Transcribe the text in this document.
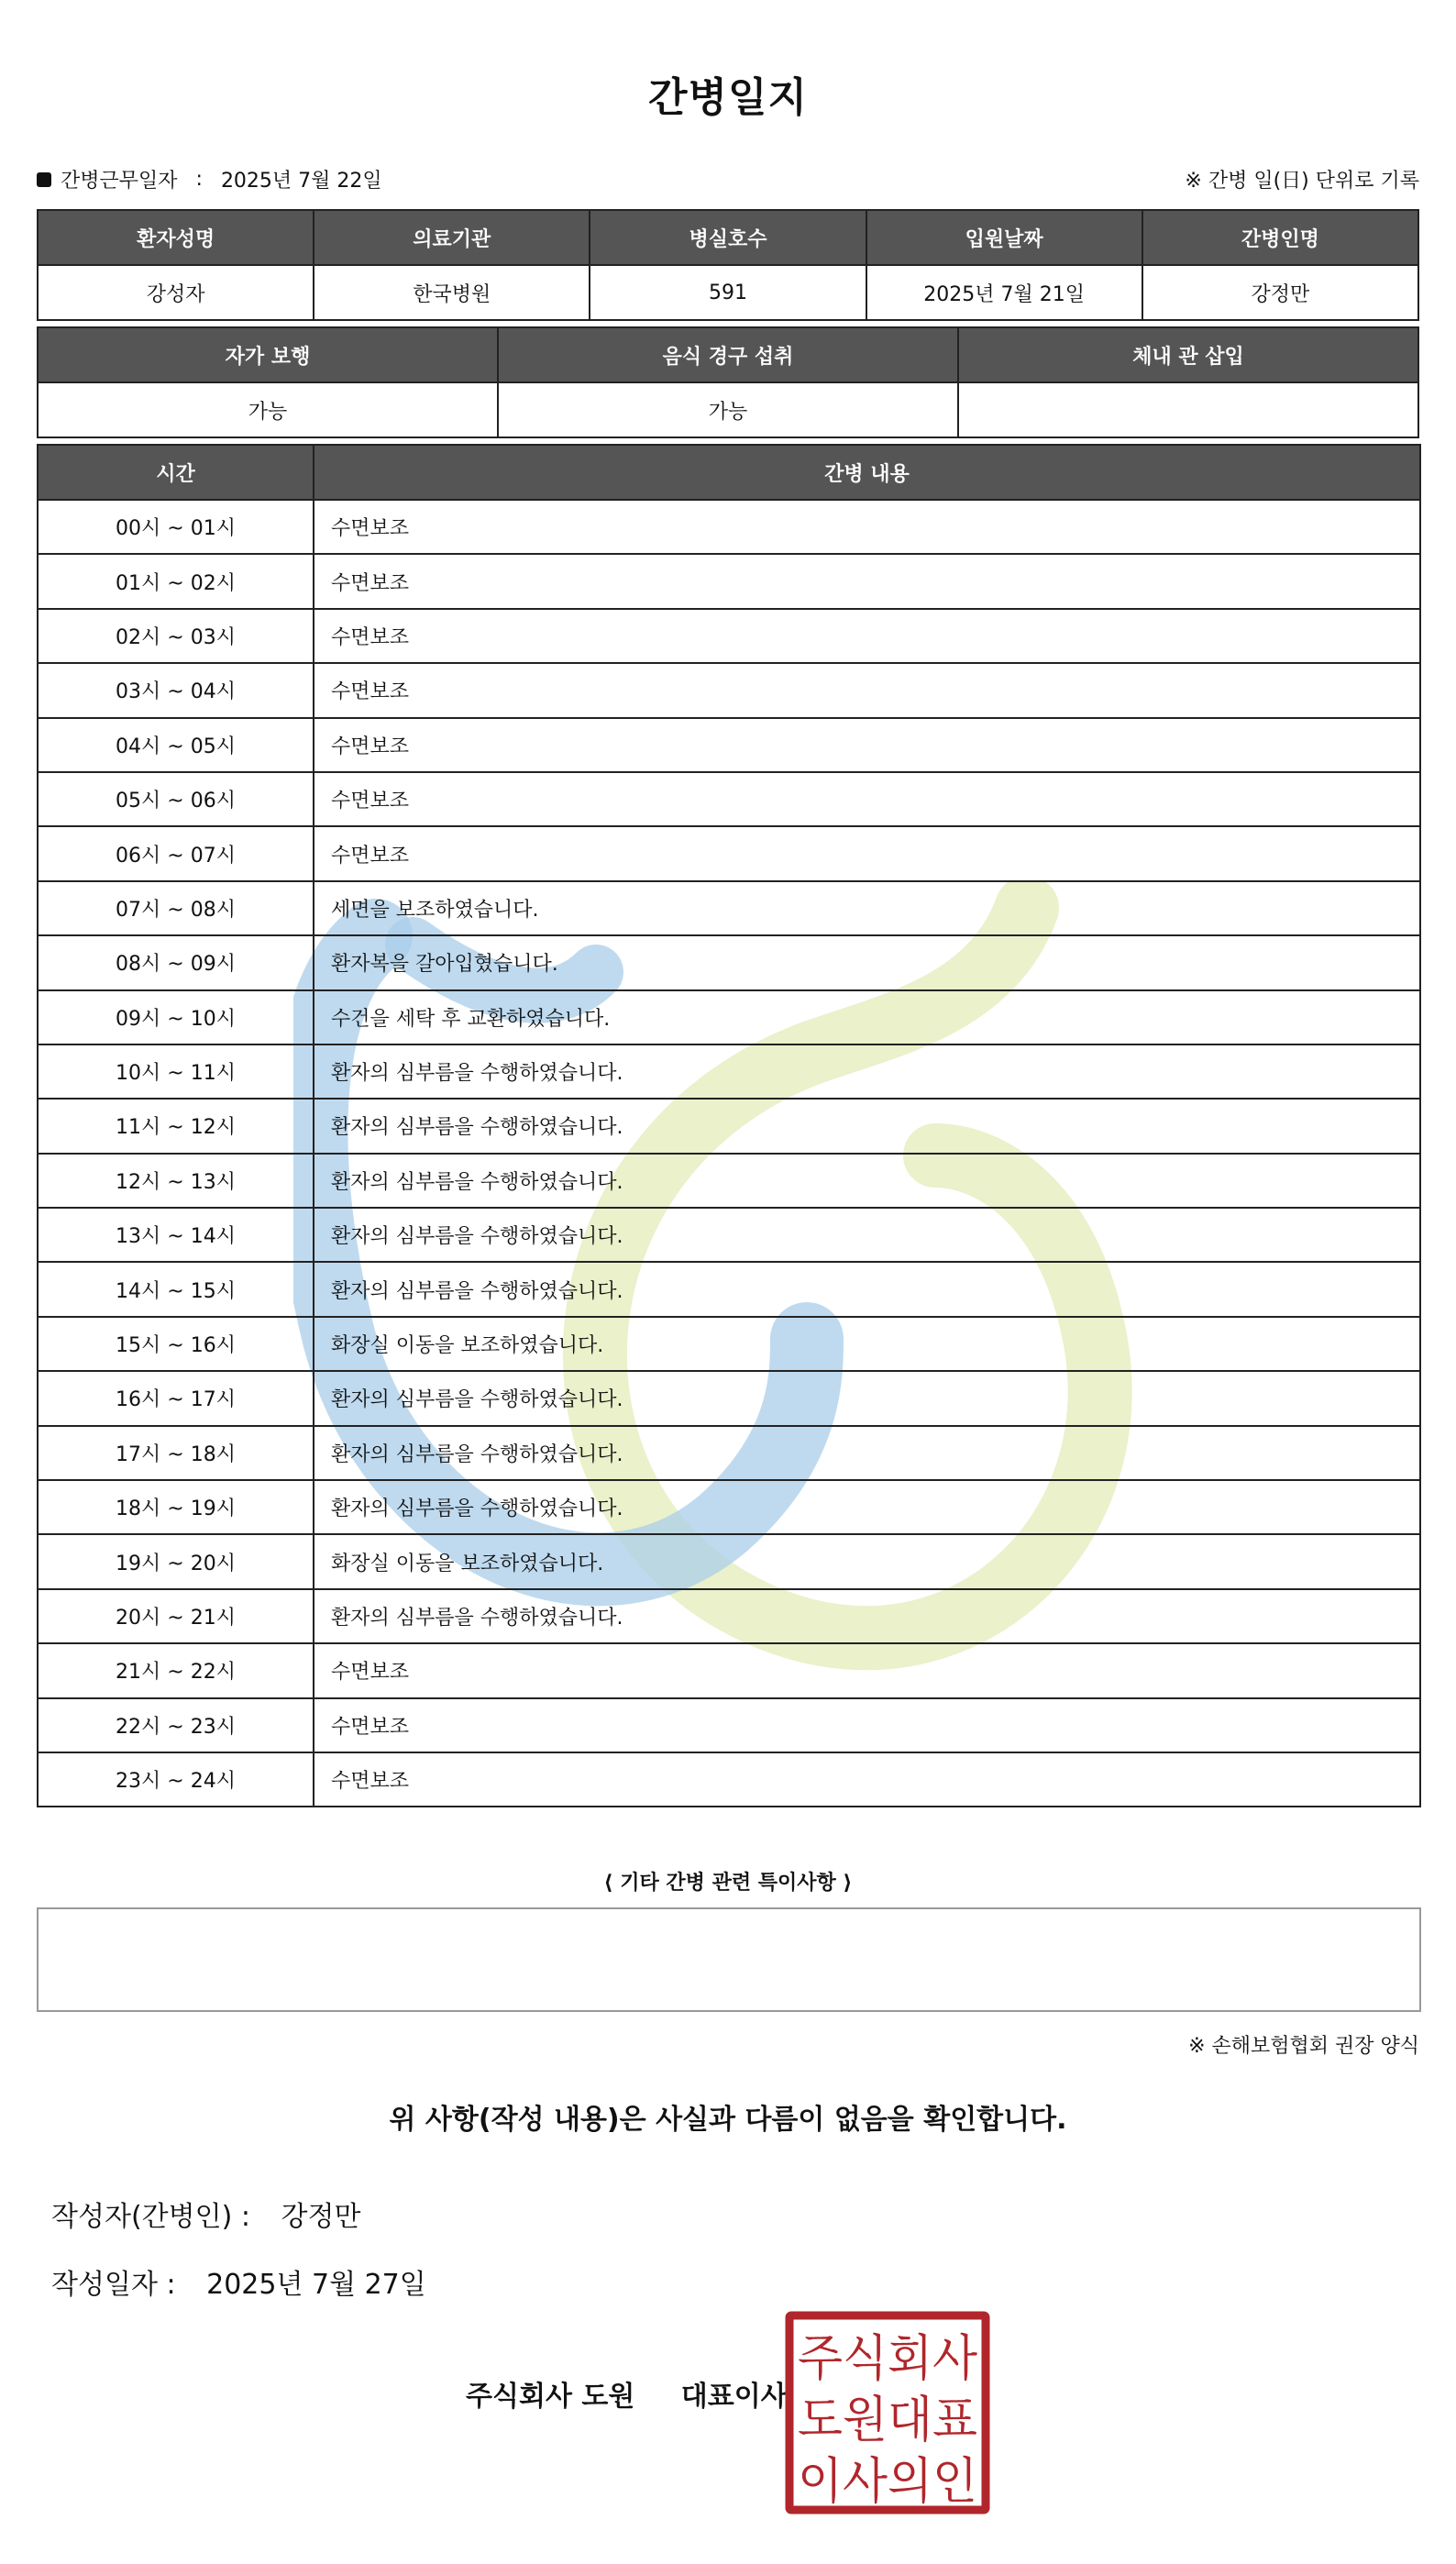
간병일지
간병근무일자 : 2025년 7월 22일	※ 간병 일(日) 단위로 기록
환자성명	의료기관	병실호수	입원날짜	간병인명
강성자	한국병원	591	2025년 7월 21일	강정만
자가 보행	음식 경구 섭취	체내 관 삽입
가능	가능	
시간	간병 내용
00시 ~ 01시	수면보조
01시 ~ 02시	수면보조
02시 ~ 03시	수면보조
03시 ~ 04시	수면보조
04시 ~ 05시	수면보조
05시 ~ 06시	수면보조
06시 ~ 07시	수면보조
07시 ~ 08시	세면을 보조하였습니다.
08시 ~ 09시	환자복을 갈아입혔습니다.
09시 ~ 10시	수건을 세탁 후 교환하였습니다.
10시 ~ 11시	환자의 심부름을 수행하였습니다.
11시 ~ 12시	환자의 심부름을 수행하였습니다.
12시 ~ 13시	환자의 심부름을 수행하였습니다.
13시 ~ 14시	환자의 심부름을 수행하였습니다.
14시 ~ 15시	환자의 심부름을 수행하였습니다.
15시 ~ 16시	화장실 이동을 보조하였습니다.
16시 ~ 17시	환자의 심부름을 수행하였습니다.
17시 ~ 18시	환자의 심부름을 수행하였습니다.
18시 ~ 19시	환자의 심부름을 수행하였습니다.
19시 ~ 20시	화장실 이동을 보조하였습니다.
20시 ~ 21시	환자의 심부름을 수행하였습니다.
21시 ~ 22시	수면보조
22시 ~ 23시	수면보조
23시 ~ 24시	수면보조
⟨ 기타 간병 관련 특이사항 ⟩
※ 손해보험협회 권장 양식
위 사항(작성 내용)은 사실과 다름이 없음을 확인합니다.
작성자(간병인) : 강정만
작성일자 : 2025년 7월 27일
주식회사 도원 대표이사
주식회사
도원대표
이사의인
